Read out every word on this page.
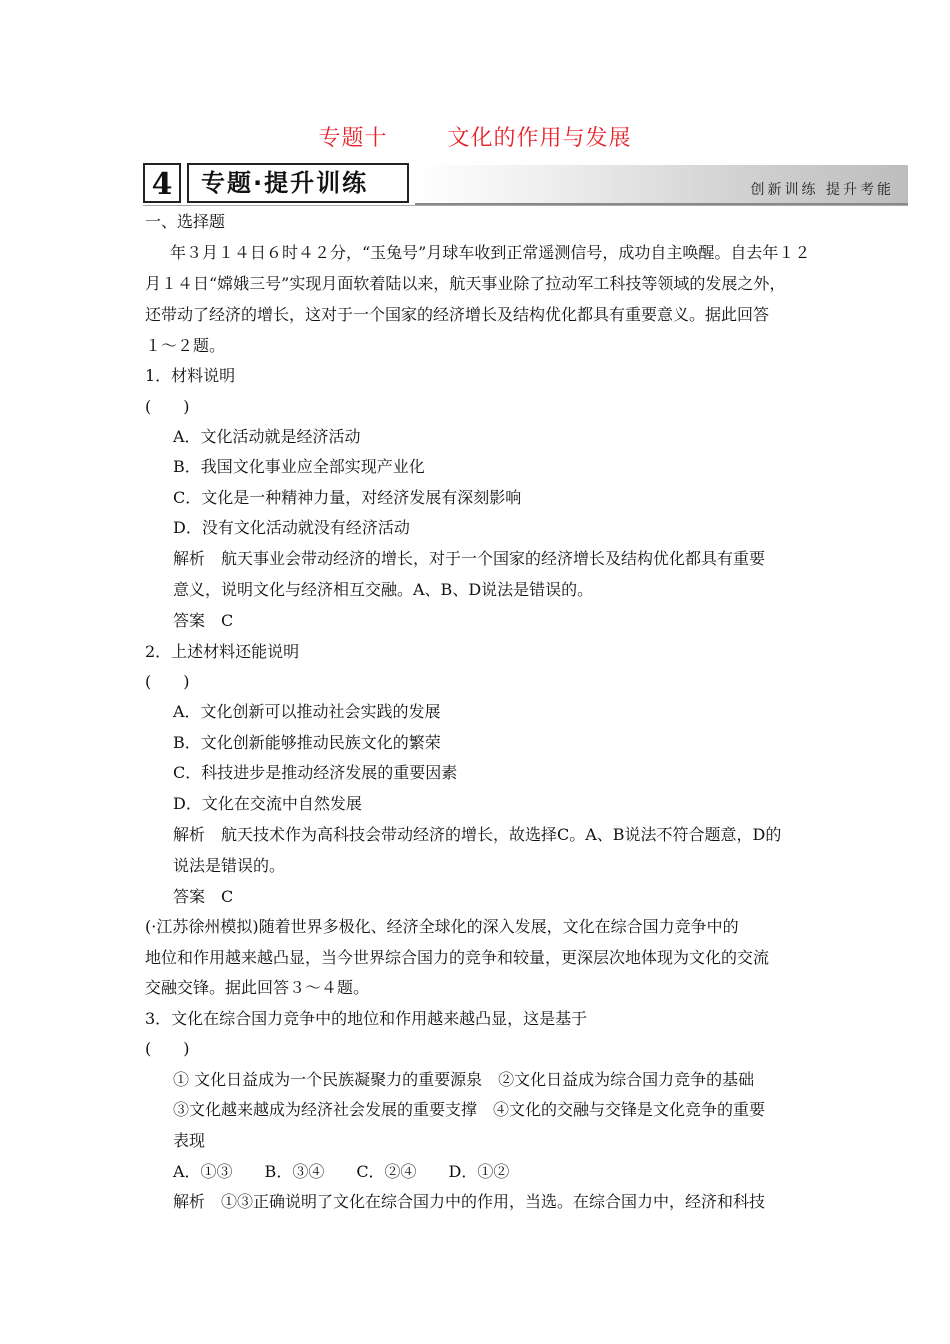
专题十	文化的作用与发展
4	专题·提升训练	创新训练 提升考能
一、选择题
年３月１４日６时４２分，“玉兔号”月球车收到正常遥测信号，成功自主唤醒。自去年１２
月１４日“嫦娥三号”实现月面软着陆以来，航天事业除了拉动军工科技等领域的发展之外，
还带动了经济的增长，这对于一个国家的经济增长及结构优化都具有重要意义。据此回答
１～２题。
1．材料说明
(　　)
A．文化活动就是经济活动
B．我国文化事业应全部实现产业化
C．文化是一种精神力量，对经济发展有深刻影响
D．没有文化活动就没有经济活动
解析　航天事业会带动经济的增长，对于一个国家的经济增长及结构优化都具有重要
意义，说明文化与经济相互交融。A、B、D说法是错误的。
答案　C
2．上述材料还能说明
(　　)
A．文化创新可以推动社会实践的发展
B．文化创新能够推动民族文化的繁荣
C．科技进步是推动经济发展的重要因素
D．文化在交流中自然发展
解析　航天技术作为高科技会带动经济的增长，故选择C。A、B说法不符合题意，D的
说法是错误的。
答案　C
(·江苏徐州模拟)随着世界多极化、经济全球化的深入发展，文化在综合国力竞争中的
地位和作用越来越凸显，当今世界综合国力的竞争和较量，更深层次地体现为文化的交流
交融交锋。据此回答３～４题。
3．文化在综合国力竞争中的地位和作用越来越凸显，这是基于
(　　)
① 文化日益成为一个民族凝聚力的重要源泉　②文化日益成为综合国力竞争的基础
③文化越来越成为经济社会发展的重要支撑　④文化的交融与交锋是文化竞争的重要
表现
A．①③　　B．③④　　C．②④　　D．①②
解析　①③正确说明了文化在综合国力中的作用，当选。在综合国力中，经济和科技
